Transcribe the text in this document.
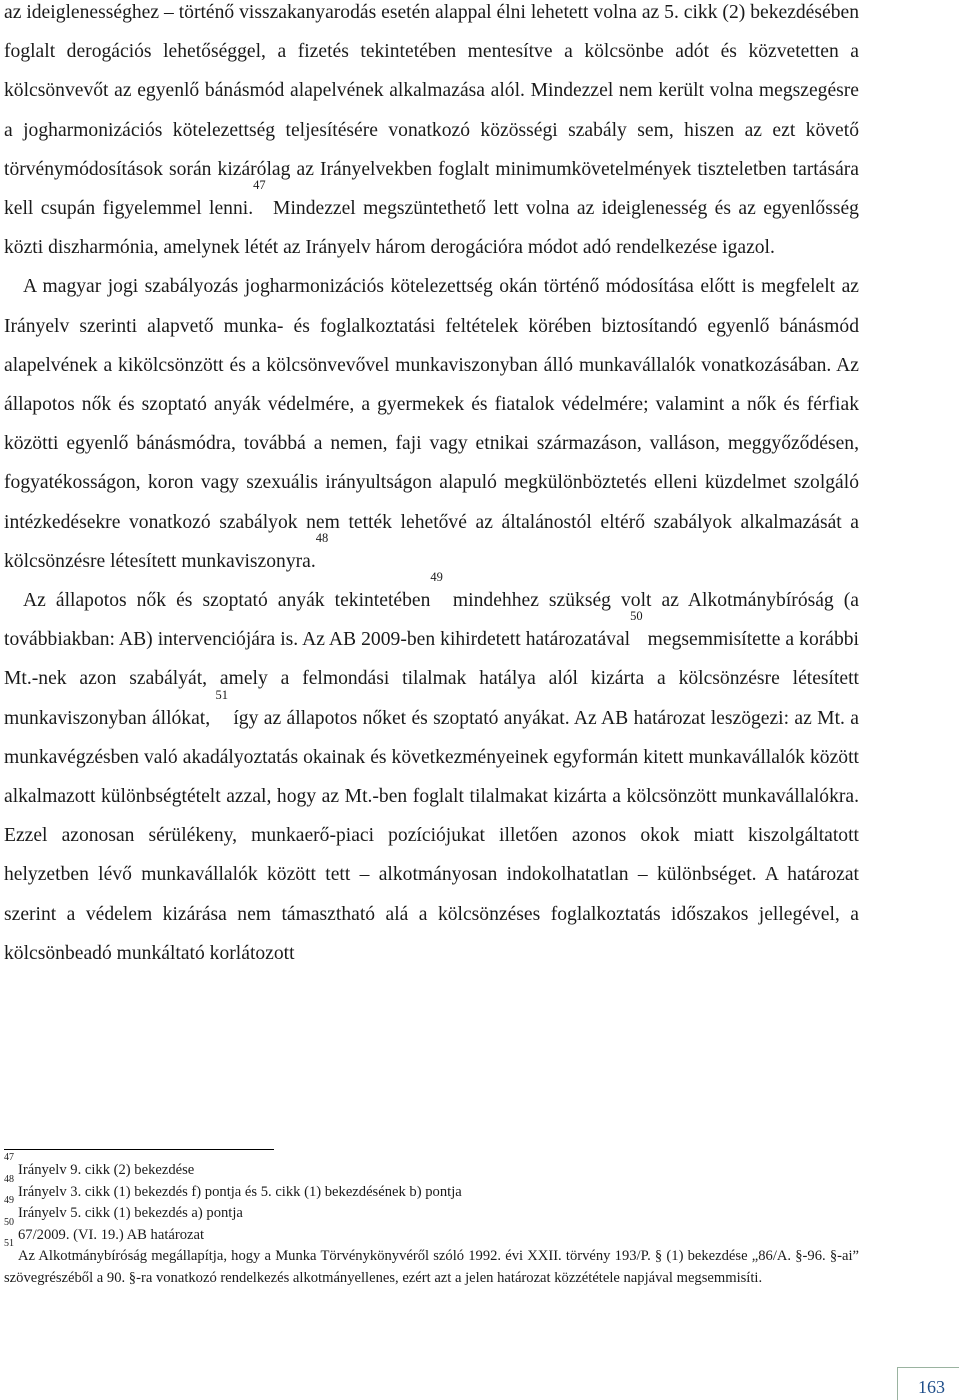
az ideiglenességhez – történő visszakanyarodás esetén alappal élni lehetett volna az 5. cikk (2) bekezdésében foglalt derogációs lehetőséggel, a fizetés tekintetében mentesítve a kölcsönbe adót és közvetetten a kölcsönvevőt az egyenlő bánásmód alapelvének alkalmazása alól. Mindezzel nem került volna megszegésre a jogharmonizációs kötelezettség teljesítésére vonatkozó közösségi szabály sem, hiszen az ezt követő törvénymódosítások során kizárólag az Irányelvekben foglalt minimumkövetelmények tiszteletben tartására kell csupán figyelemmel lenni.$^{47}$ Mindezzel megszüntethető lett volna az ideiglenesség és az egyenlősség közti diszharmónia, amelynek létét az Irányelv három derogációra módot adó rendelkezése igazol.

A magyar jogi szabályozás jogharmonizációs kötelezettség okán történő módosítása előtt is megfelelt az Irányelv szerinti alapvető munka- és foglalkoztatási feltételek körében biztosítandó egyenlő bánásmód alapelvének a kikölcsönzött és a kölcsönvevővel munkaviszonyban álló munkavállalók vonatkozásában. Az állapotos nők és szoptató anyák védelmére, a gyermekek és fiatalok védelmére; valamint a nők és férfiak közötti egyenlő bánásmódra, továbbá a nemen, faji vagy etnikai származáson, valláson, meggyőződésen, fogyatékosságon, koron vagy szexuális irányultságon alapuló megkülönböztetés elleni küzdelmet szolgáló intézkedésekre vonatkozó szabályok nem tették lehetővé az általánostól eltérő szabályok alkalmazását a kölcsönzésre létesített munkaviszonyra.$^{48}$

Az állapotos nők és szoptató anyák tekintetében$^{49}$ mindehhez szükség volt az Alkotmánybíróság (a továbbiakban: AB) intervenciójára is. Az AB 2009-ben kihirdetett határozatával$^{50}$ megsemmisítette a korábbi Mt.-nek azon szabályát, amely a felmondási tilalmak hatálya alól kizárta a kölcsönzésre létesített munkaviszonyban állókat, $^{51}$ így az állapotos nőket és szoptató anyákat. Az AB határozat leszögezi: az Mt. a munkavégzésben való akadályoztatás okainak és következményeinek egyformán kitett munkavállalók között alkalmazott különbségtételt azzal, hogy az Mt.-ben foglalt tilalmakat kizárta a kölcsönzött munkavállalókra. Ezzel azonosan sérülékeny, munkaerő-piaci pozíciójukat illetően azonos okok miatt kiszolgáltatott helyzetben lévő munkavállalók között tett – alkotmányosan indokolhatatlan – különbséget. A határozat szerint a védelem kizárása nem támasztható alá a kölcsönzéses foglalkoztatás időszakos jellegével, a kölcsönbeadó munkáltató korlátozott

$^{47}$Irányelv 9. cikk (2) bekezdése

$^{48}$Irányelv 3. cikk (1) bekezdés f) pontja és 5. cikk (1) bekezdésének b) pontja

$^{49}$Irányelv 5. cikk (1) bekezdés a) pontja

$^{50}$67/2009. (VI. 19.) AB határozat

$^{51}$Az Alkotmánybíróság megállapítja, hogy a Munka Törvénykönyvéről szóló 1992. évi XXII. törvény 193/P. § (1) bekezdése „86/A. §-96. §-ai” szövegrészéből a 90. §-ra vonatkozó rendelkezés alkotmányellenes, ezért azt a jelen határozat közzététele napjával megsemmisíti.

163
